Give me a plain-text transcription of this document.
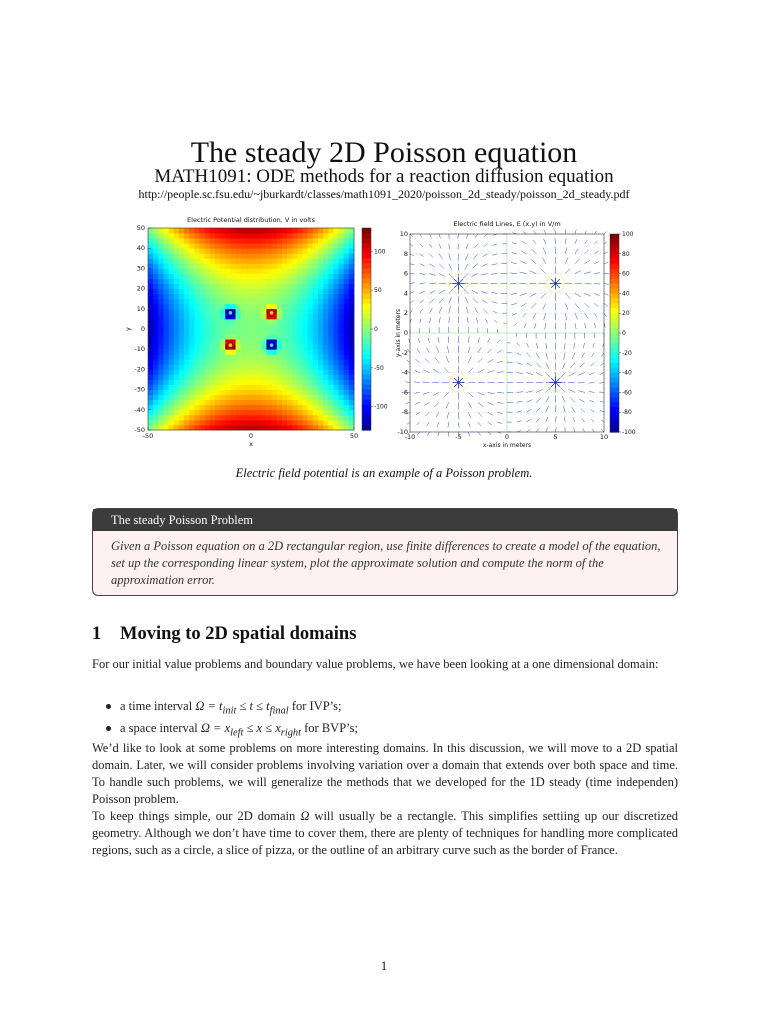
The steady 2D Poisson equation
MATH1091: ODE methods for a reaction diffusion equation
http://people.sc.fsu.edu/~jburkardt/classes/math1091_2020/poisson_2d_steady/poisson_2d_steady.pdf
Electric Potential distribution, V in volts
-50	0	50
50
40
30
20
10
0
-10
-20
-30
-40
-50
x
y
100
50
0
-50
-100
Electric field Lines, E (x,y) in V/m
-10	-5	0	5	10
10
8
6
4
2
0
-2
-4
-6
-8
-10
x-axis in meters
y-axis in meters
100
80
60
40
20
0
-20
-40
-60
-80
-100
Electric field potential is an example of a Poisson problem.
The steady Poisson Problem
Given a Poisson equation on a 2D rectangular region, use finite differences to create a model of the equation, set up the corresponding linear system, plot the approximate solution and compute the norm of the approximation error.
1 Moving to 2D spatial domains
For our initial value problems and boundary value problems, we have been looking at a one dimensional domain:
a time interval $\Omega = t_{init} \le t \le t_{final}$ for IVP’s;
a space interval $\Omega = x_{left} \le x \le x_{right}$ for BVP’s;
We’d like to look at some problems on more interesting domains. In this discussion, we will move to a 2D spatial domain. Later, we will consider problems involving variation over a domain that extends over both space and time. To handle such problems, we will generalize the methods that we developed for the 1D steady (time independen) Poisson problem.
To keep things simple, our 2D domain Ω will usually be a rectangle. This simplifies settiing up our discretized geometry. Although we don’t have time to cover them, there are plenty of techniques for handling more complicated regions, such as a circle, a slice of pizza, or the outline of an arbitrary curve such as the border of France.
1
